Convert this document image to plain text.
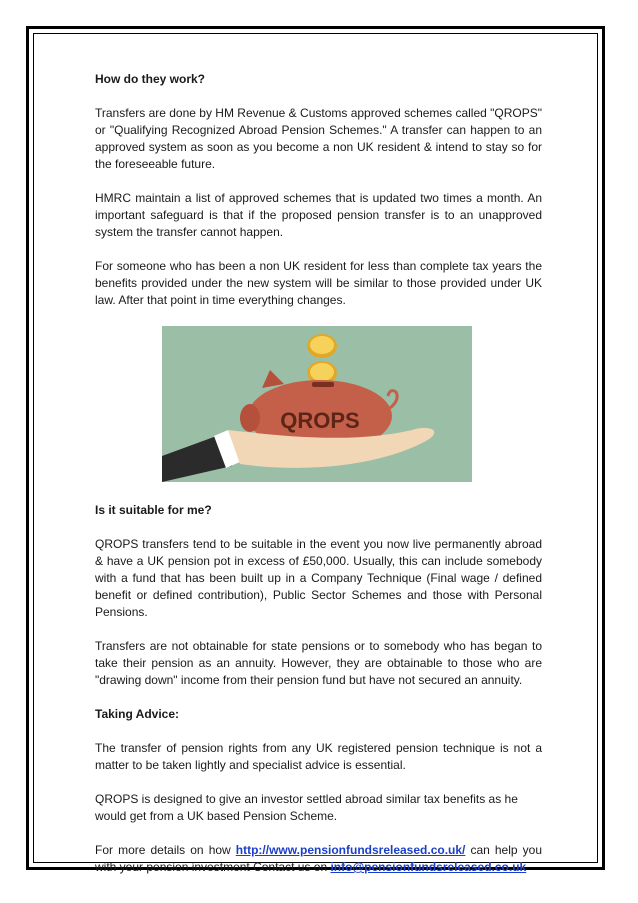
How do they work?

Transfers are done by HM Revenue & Customs approved schemes called "QROPS" or "Qualifying Recognized Abroad Pension Schemes." A transfer can happen to an approved system as soon as you become a non UK resident & intend to stay so for the foreseeable future.

HMRC maintain a list of approved schemes that is updated two times a month. An important safeguard is that if the proposed pension transfer is to an unapproved system the transfer cannot happen.

For someone who has been a non UK resident for less than complete tax years the benefits provided under the new system will be similar to those provided under UK law. After that point in time everything changes.

QROPS
Is it suitable for me?

QROPS transfers tend to be suitable in the event you now live permanently abroad & have a UK pension pot in excess of £50,000. Usually, this can include somebody with a fund that has been built up in a Company Technique (Final wage / defined benefit or defined contribution), Public Sector Schemes and those with Personal Pensions.

Transfers are not obtainable for state pensions or to somebody who has began to take their pension as an annuity. However, they are obtainable to those who are "drawing down" income from their pension fund but have not secured an annuity.

Taking Advice:

The transfer of pension rights from any UK registered pension technique is not a matter to be taken lightly and specialist advice is essential.

QROPS is designed to give an investor settled abroad similar tax benefits as he would get from a UK based Pension Scheme.

For more details on how http://www.pensionfundsreleased.co.uk/ can help you with your pension investment Contact us on info@pensionfundsreleased.co.uk
